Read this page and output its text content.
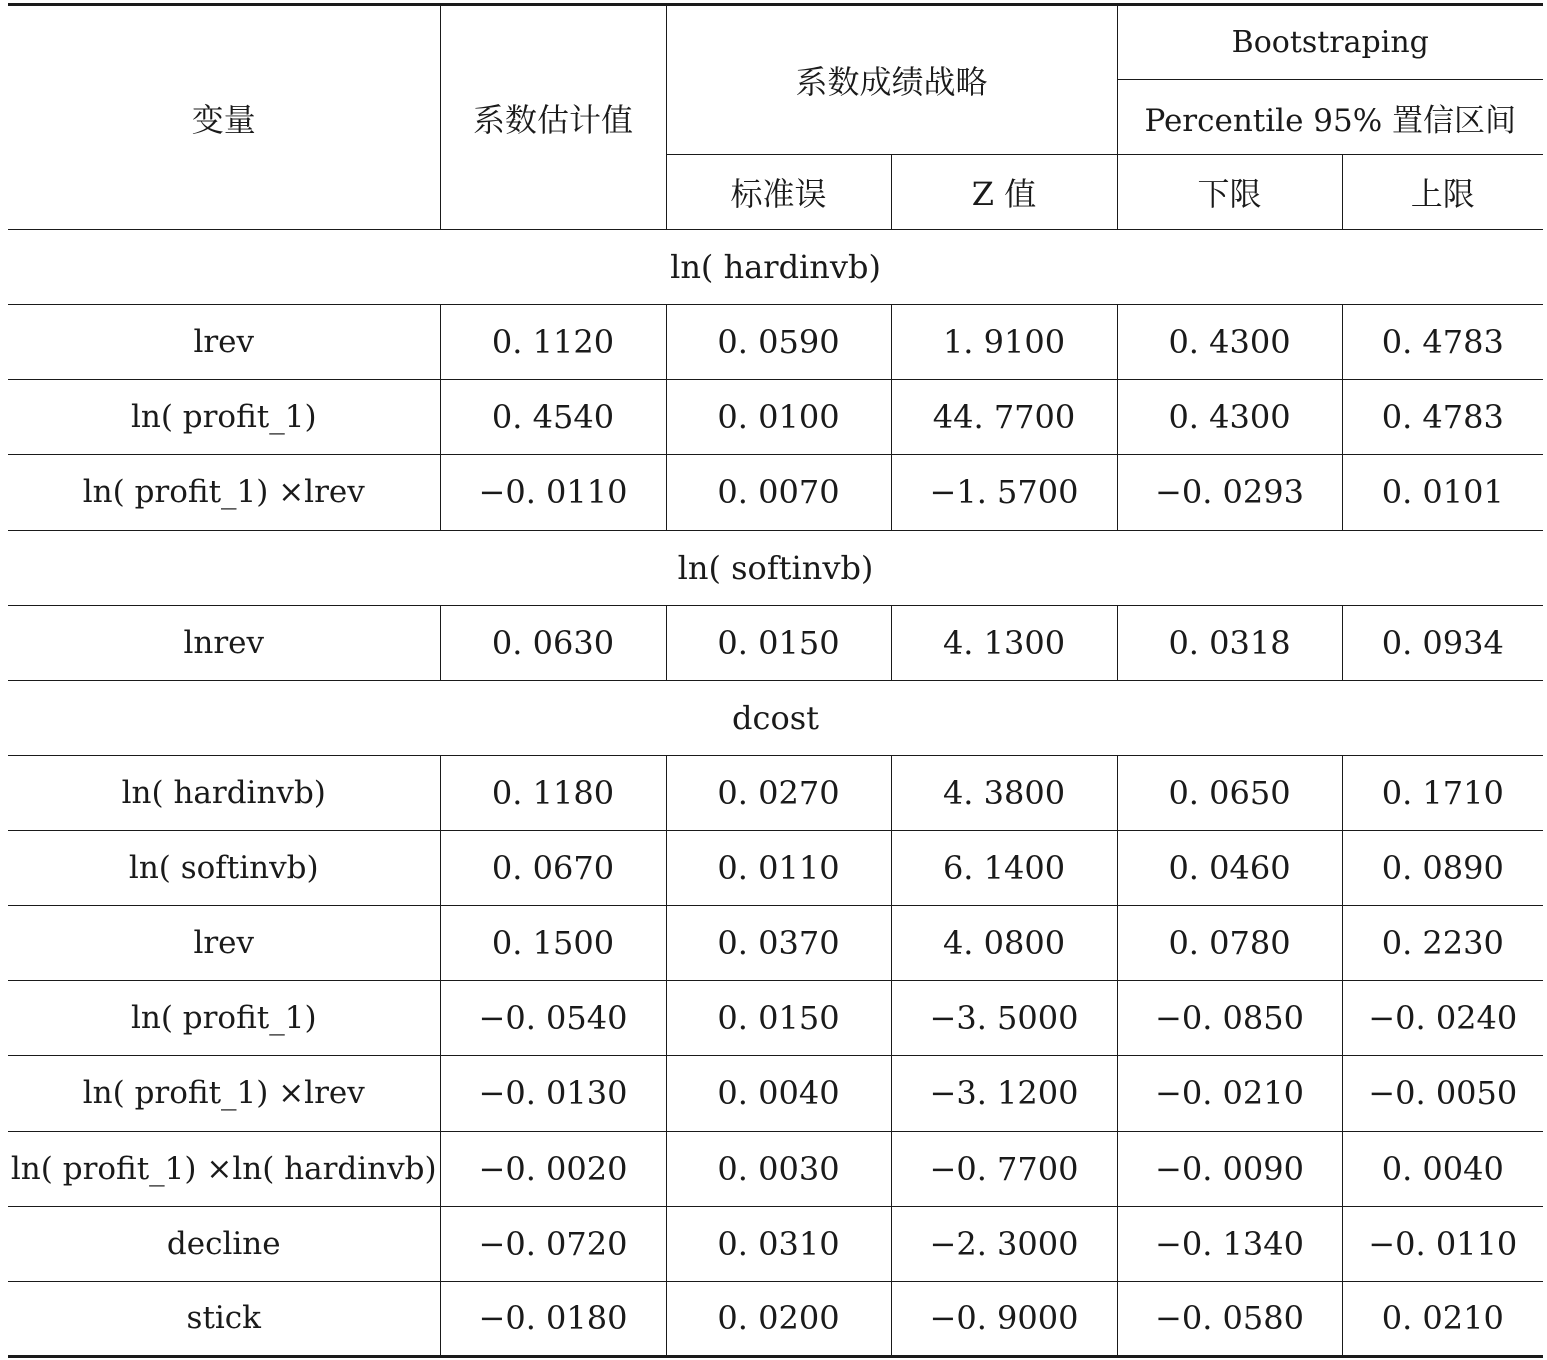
变量	系数估计值	系数成绩战略		Bootstraping	
				Percentile 95% 置信区间	
		标准误	Z 值	下限	上限
ln( hardinvb)					
lrev	0. 1120	0. 0590	1. 9100	0. 4300	0. 4783
ln( profit_1)	0. 4540	0. 0100	44. 7700	0. 4300	0. 4783
ln( profit_1) ×lrev	−0. 0110	0. 0070	−1. 5700	−0. 0293	0. 0101
ln( softinvb)					
lnrev	0. 0630	0. 0150	4. 1300	0. 0318	0. 0934
dcost					
ln( hardinvb)	0. 1180	0. 0270	4. 3800	0. 0650	0. 1710
ln( softinvb)	0. 0670	0. 0110	6. 1400	0. 0460	0. 0890
lrev	0. 1500	0. 0370	4. 0800	0. 0780	0. 2230
ln( profit_1)	−0. 0540	0. 0150	−3. 5000	−0. 0850	−0. 0240
ln( profit_1) ×lrev	−0. 0130	0. 0040	−3. 1200	−0. 0210	−0. 0050
ln( profit_1) ×ln( hardinvb)	−0. 0020	0. 0030	−0. 7700	−0. 0090	0. 0040
decline	−0. 0720	0. 0310	−2. 3000	−0. 1340	−0. 0110
stick	−0. 0180	0. 0200	−0. 9000	−0. 0580	0. 0210
